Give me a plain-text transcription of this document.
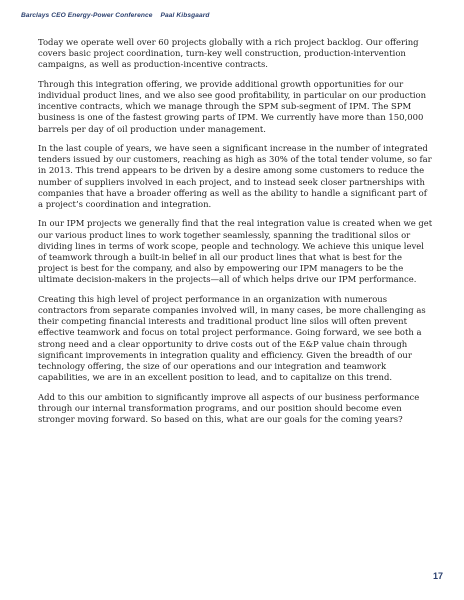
Barclays CEO Energy-Power Conference Paal Kibsgaard

Today we operate well over 60 projects globally with a rich project backlog. Our offering covers basic project coordination, turn-key well construction, production-intervention campaigns, as well as production-incentive contracts.

Through this integration offering, we provide additional growth opportunities for our individual product lines, and we also see good profitability, in particular on our production incentive contracts, which we manage through the SPM sub-segment of IPM. The SPM business is one of the fastest growing parts of IPM. We currently have more than 150,000 barrels per day of oil production under management.

In the last couple of years, we have seen a significant increase in the number of integrated tenders issued by our customers, reaching as high as 30% of the total tender volume, so far in 2013. This trend appears to be driven by a desire among some customers to reduce the number of suppliers involved in each project, and to instead seek closer partnerships with companies that have a broader offering as well as the ability to handle a significant part of a project’s coordination and integration.

In our IPM projects we generally find that the real integration value is created when we get our various product lines to work together seamlessly, spanning the traditional silos or dividing lines in terms of work scope, people and technology. We achieve this unique level of teamwork through a built-in belief in all our product lines that what is best for the project is best for the company, and also by empowering our IPM managers to be the ultimate decision-makers in the projects—all of which helps drive our IPM performance.

Creating this high level of project performance in an organization with numerous contractors from separate companies involved will, in many cases, be more challenging as their competing financial interests and traditional product line silos will often prevent effective teamwork and focus on total project performance. Going forward, we see both a strong need and a clear opportunity to drive costs out of the E&P value chain through significant improvements in integration quality and efficiency. Given the breadth of our technology offering, the size of our operations and our integration and teamwork capabilities, we are in an excellent position to lead, and to capitalize on this trend.

Add to this our ambition to significantly improve all aspects of our business performance through our internal transformation programs, and our position should become even stronger moving forward. So based on this, what are our goals for the coming years?

17
